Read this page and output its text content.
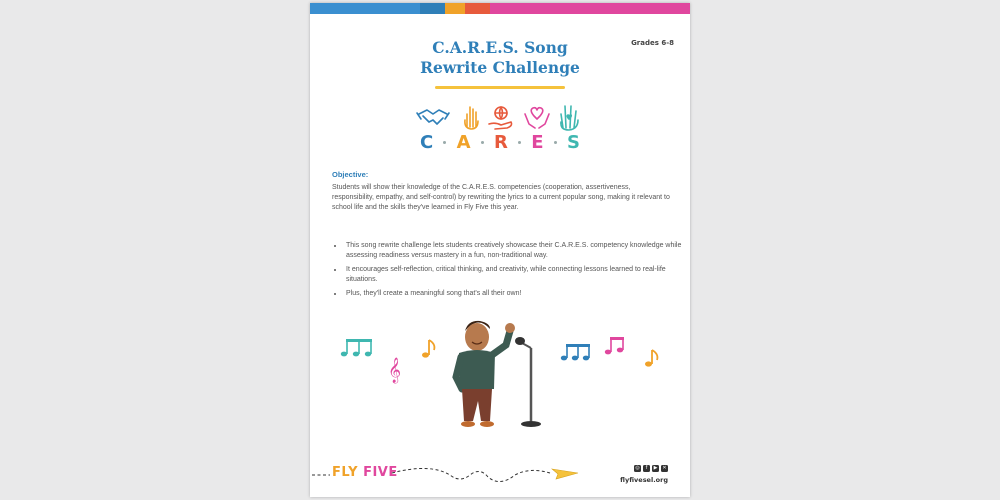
Grades 6-8
C.A.R.E.S. Song
Rewrite Challenge
C A R E S
Objective:

Students will show their knowledge of the C.A.R.E.S. competencies (cooperation, assertiveness, responsibility, empathy, and self-control) by rewriting the lyrics to a current popular song, making it relevant to school life and the skills they've learned in Fly Five this year.

• This song rewrite challenge lets students creatively showcase their C.A.R.E.S. competency knowledge while assessing readiness versus mastery in a fun, non-traditional way.
• It encourages self-reflection, critical thinking, and creativity, while connecting lessons learned to real-life situations.
• Plus, they'll create a meaningful song that's all their own!
𝄞
FLY FIVE	◎	f	▶ ✕
flyfivesel.org
